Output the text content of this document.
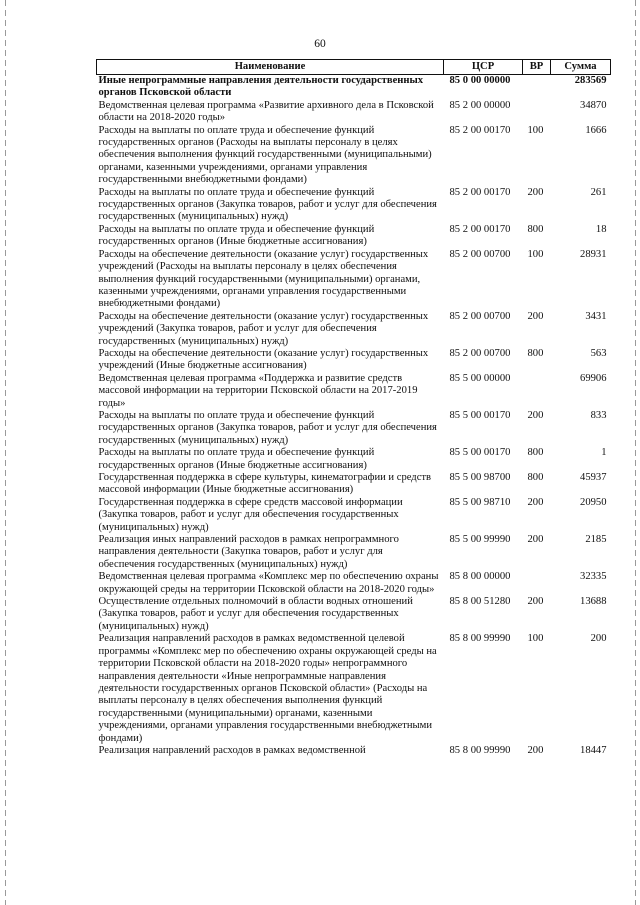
60
Наименование	ЦСР	ВР	Сумма
Иные непрограммные направления деятельности государственных органов Псковской области	85 0 00 00000		283569
Ведомственная целевая программа «Развитие архивного дела в Псковской области на 2018-2020 годы»	85 2 00 00000		34870
Расходы на выплаты по оплате труда и обеспечение функций государственных органов (Расходы на выплаты персоналу в целях обеспечения выполнения функций государственными (муниципальными) органами, казенными учреждениями, органами управления государственными внебюджетными фондами)	85 2 00 00170	100	1666
Расходы на выплаты по оплате труда и обеспечение функций государственных органов (Закупка товаров, работ и услуг для обеспечения государственных (муниципальных) нужд)	85 2 00 00170	200	261
Расходы на выплаты по оплате труда и обеспечение функций государственных органов (Иные бюджетные ассигнования)	85 2 00 00170	800	18
Расходы на обеспечение деятельности (оказание услуг) государственных учреждений (Расходы на выплаты персоналу в целях обеспечения выполнения функций государственными (муниципальными) органами, казенными учреждениями, органами управления государственными внебюджетными фондами)	85 2 00 00700	100	28931
Расходы на обеспечение деятельности (оказание услуг) государственных учреждений (Закупка товаров, работ и услуг для обеспечения государственных (муниципальных) нужд)	85 2 00 00700	200	3431
Расходы на обеспечение деятельности (оказание услуг) государственных учреждений (Иные бюджетные ассигнования)	85 2 00 00700	800	563
Ведомственная целевая программа «Поддержка и развитие средств массовой информации на территории Псковской области на 2017-2019 годы»	85 5 00 00000		69906
Расходы на выплаты по оплате труда и обеспечение функций государственных органов (Закупка товаров, работ и услуг для обеспечения государственных (муниципальных) нужд)	85 5 00 00170	200	833
Расходы на выплаты по оплате труда и обеспечение функций государственных органов (Иные бюджетные ассигнования)	85 5 00 00170	800	1
Государственная поддержка в сфере культуры, кинематографии и средств массовой информации (Иные бюджетные ассигнования)	85 5 00 98700	800	45937
Государственная поддержка в сфере средств массовой информации (Закупка товаров, работ и услуг для обеспечения государственных (муниципальных) нужд)	85 5 00 98710	200	20950
Реализация иных направлений расходов в рамках непрограммного направления деятельности (Закупка товаров, работ и услуг для обеспечения государственных (муниципальных) нужд)	85 5 00 99990	200	2185
Ведомственная целевая программа «Комплекс мер по обеспечению охраны окружающей среды на территории Псковской области на 2018-2020 годы»	85 8 00 00000		32335
Осуществление отдельных полномочий в области водных отношений (Закупка товаров, работ и услуг для обеспечения государственных (муниципальных) нужд)	85 8 00 51280	200	13688
Реализация направлений расходов в рамках ведомственной целевой программы «Комплекс мер по обеспечению охраны окружающей среды на территории Псковской области на 2018-2020 годы» непрограммного направления деятельности «Иные непрограммные направления деятельности государственных органов Псковской области» (Расходы на выплаты персоналу в целях обеспечения выполнения функций государственными (муниципальными) органами, казенными учреждениями, органами управления государственными внебюджетными фондами)	85 8 00 99990	100	200

Реализация направлений расходов в рамках ведомственной	85 8 00 99990	200	18447
